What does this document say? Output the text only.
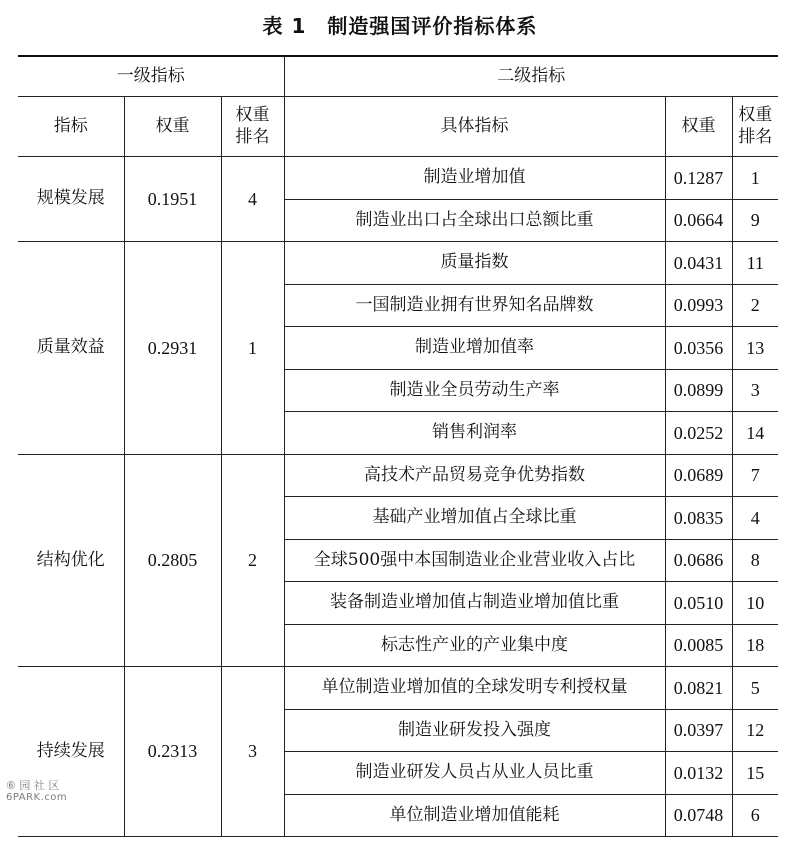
表 1　制造强国评价指标体系
一级指标			二级指标		
指标	权重	权重排名	具体指标	权重	权重排名
规模发展	0.1951	4	制造业增加值	0.1287	1
			制造业出口占全球出口总额比重	0.0664	9
质量效益	0.2931	1	质量指数	0.0431	11
			一国制造业拥有世界知名品牌数	0.0993	2
			制造业增加值率	0.0356	13
			制造业全员劳动生产率	0.0899	3
			销售利润率	0.0252	14
结构优化	0.2805	2	高技术产品贸易竞争优势指数	0.0689	7
			基础产业增加值占全球比重	0.0835	4
			全球500强中本国制造业企业营业收入占比	0.0686	8
			装备制造业增加值占制造业增加值比重	0.0510	10
			标志性产业的产业集中度	0.0085	18
持续发展	0.2313	3	单位制造业增加值的全球发明专利授权量	0.0821	5
			制造业研发投入强度	0.0397	12
			制造业研发人员占从业人员比重	0.0132	15
			单位制造业增加值能耗	0.0748	6
⑥ 园 社 区
6PARK.com
